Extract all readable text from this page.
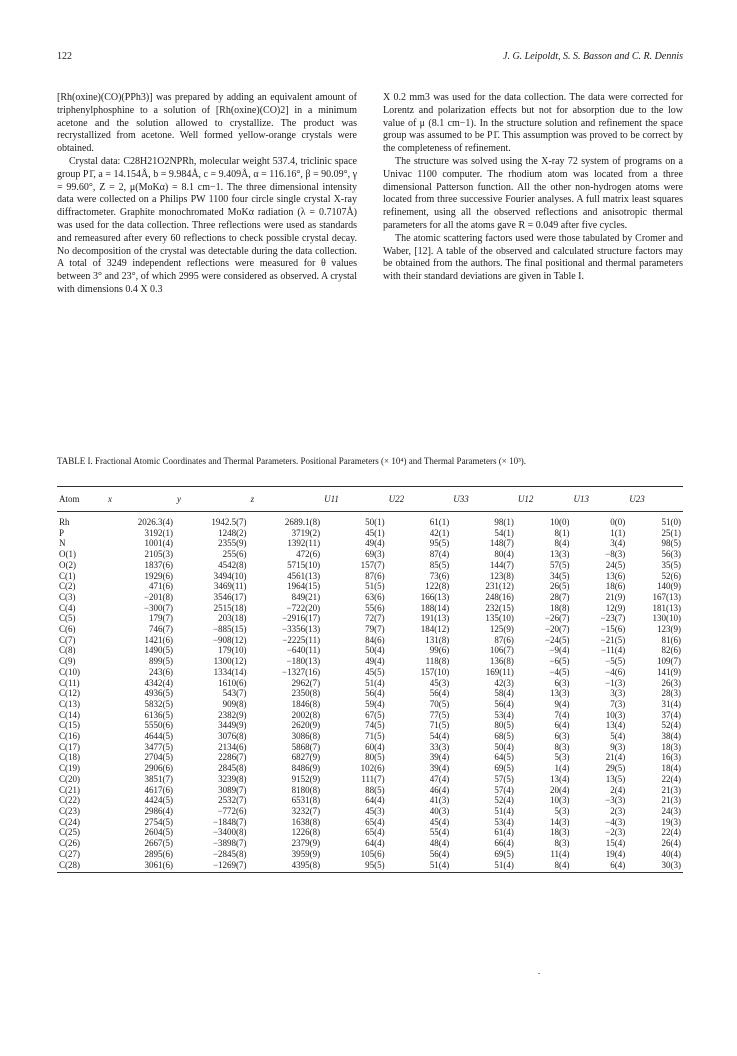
122	J. G. Leipoldt, S. S. Basson and C. R. Dennis

[Rh(oxine)(CO)(PPh3)] was prepared by adding an equivalent amount of triphenylphosphine to a solution of [Rh(oxine)(CO)2] in a minimum acetone and the solution allowed to crystallize. The product was recrystallized from acetone. Well formed yellow-orange crystals were obtained.

Crystal data: C28H21O2NPRh, molecular weight 537.4, triclinic space group P1̄, a = 14.154Å, b = 9.984Å, c = 9.409Å, α = 116.16°, β = 90.09°, γ = 99.60°, Z = 2, μ(MoKα) = 8.1 cm−1. The three dimensional intensity data were collected on a Philips PW 1100 four circle single crystal X-ray diffractometer. Graphite monochromated MoKα radiation (λ = 0.7107Å) was used for the data collection. Three reflections were used as standards and remeasured after every 60 reflections to check possible crystal decay. No decomposition of the crystal was detectable during the data collection. A total of 3249 independent reflections were measured for θ values between 3° and 23°, of which 2995 were considered as observed. A crystal with dimensions 0.4 X 0.3

X 0.2 mm3 was used for the data collection. The data were corrected for Lorentz and polarization effects but not for absorption due to the low value of μ (8.1 cm−1). In the structure solution and refinement the space group was assumed to be P1̄. This assumption was proved to be correct by the completeness of refinement.

The structure was solved using the X-ray 72 system of programs on a Univac 1100 computer. The rhodium atom was located from a three dimensional Patterson function. All the other non-hydrogen atoms were located from three successive Fourier analyses. A full matrix least squares refinement, using all the observed reflections and anisotropic thermal parameters for all the atoms gave R = 0.049 after five cycles.

The atomic scattering factors used were those tabulated by Cromer and Waber, [12]. A table of the observed and calculated structure factors may be obtained from the authors. The final positional and thermal parameters with their standard deviations are given in Table I.

TABLE I. Fractional Atomic Coordinates and Thermal Parameters. Positional Parameters (× 10⁴) and Thermal Parameters (× 10³).
Atom	x	y	z	U11	U22	U33	U12	U13	U23
Rh	2026.3(4)	1942.5(7)	2689.1(8)	50(1)	61(1)	98(1)	10(0)	0(0)	51(0)
P	3192(1)	1248(2)	3719(2)	45(1)	42(1)	54(1)	8(1)	1(1)	25(1)
N	1001(4)	2355(9)	1392(11)	49(4)	95(5)	148(7)	8(4)	3(4)	98(5)
O(1)	2105(3)	255(6)	472(6)	69(3)	87(4)	80(4)	13(3)	−8(3)	56(3)
O(2)	1837(6)	4542(8)	5715(10)	157(7)	85(5)	144(7)	57(5)	24(5)	35(5)
C(1)	1929(6)	3494(10)	4561(13)	87(6)	73(6)	123(8)	34(5)	13(6)	52(6)
C(2)	471(6)	3469(11)	1964(15)	51(5)	122(8)	231(12)	26(5)	18(6)	140(9)
C(3)	−201(8)	3546(17)	849(21)	63(6)	166(13)	248(16)	28(7)	21(9)	167(13)
C(4)	−300(7)	2515(18)	−722(20)	55(6)	188(14)	232(15)	18(8)	12(9)	181(13)
C(5)	179(7)	203(18)	−2916(17)	72(7)	191(13)	135(10)	−26(7)	−23(7)	130(10)
C(6)	746(7)	−885(15)	−3356(13)	79(7)	184(12)	125(9)	−20(7)	−15(6)	123(9)
C(7)	1421(6)	−908(12)	−2225(11)	84(6)	131(8)	87(6)	−24(5)	−21(5)	81(6)
C(8)	1490(5)	179(10)	−640(11)	50(4)	99(6)	106(7)	−9(4)	−11(4)	82(6)
C(9)	899(5)	1300(12)	−180(13)	49(4)	118(8)	136(8)	−6(5)	−5(5)	109(7)
C(10)	243(6)	1334(14)	−1327(16)	45(5)	157(10)	169(11)	−4(5)	−4(6)	141(9)
C(11)	4342(4)	1610(6)	2962(7)	51(4)	45(3)	42(3)	6(3)	−1(3)	26(3)
C(12)	4936(5)	543(7)	2350(8)	56(4)	56(4)	58(4)	13(3)	3(3)	28(3)
C(13)	5832(5)	909(8)	1846(8)	59(4)	70(5)	56(4)	9(4)	7(3)	31(4)
C(14)	6136(5)	2382(9)	2002(8)	67(5)	77(5)	53(4)	7(4)	10(3)	37(4)
C(15)	5550(6)	3449(9)	2620(9)	74(5)	71(5)	80(5)	6(4)	13(4)	52(4)
C(16)	4644(5)	3076(8)	3086(8)	71(5)	54(4)	68(5)	6(3)	5(4)	38(4)
C(17)	3477(5)	2134(6)	5868(7)	60(4)	33(3)	50(4)	8(3)	9(3)	18(3)
C(18)	2704(5)	2286(7)	6827(9)	80(5)	39(4)	64(5)	5(3)	21(4)	16(3)
C(19)	2906(6)	2845(8)	8486(9)	102(6)	39(4)	69(5)	1(4)	29(5)	18(4)
C(20)	3851(7)	3239(8)	9152(9)	111(7)	47(4)	57(5)	13(4)	13(5)	22(4)
C(21)	4617(6)	3089(7)	8180(8)	88(5)	46(4)	57(4)	20(4)	2(4)	21(3)
C(22)	4424(5)	2532(7)	6531(8)	64(4)	41(3)	52(4)	10(3)	−3(3)	21(3)
C(23)	2986(4)	−772(6)	3232(7)	45(3)	40(3)	51(4)	5(3)	2(3)	24(3)
C(24)	2754(5)	−1848(7)	1638(8)	65(4)	45(4)	53(4)	14(3)	−4(3)	19(3)
C(25)	2604(5)	−3400(8)	1226(8)	65(4)	55(4)	61(4)	18(3)	−2(3)	22(4)
C(26)	2667(5)	−3898(7)	2379(9)	64(4)	48(4)	66(4)	8(3)	15(4)	26(4)
C(27)	2895(6)	−2845(8)	3959(9)	105(6)	56(4)	69(5)	11(4)	19(4)	40(4)
C(28)	3061(6)	−1269(7)	4395(8)	95(5)	51(4)	51(4)	8(4)	6(4)	30(3)
